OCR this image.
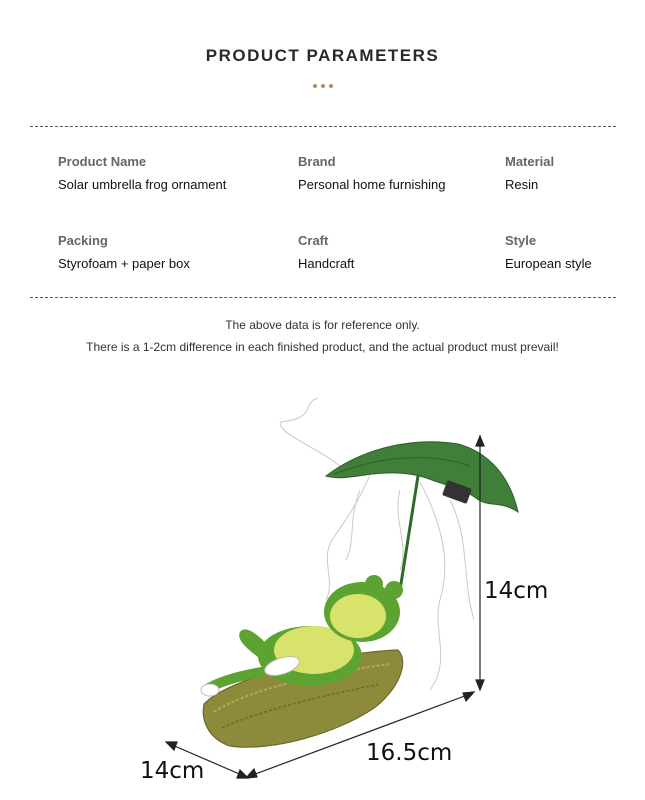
PRODUCT PARAMETERS
Product Name
Solar umbrella frog ornament
Brand
Personal home furnishing
Material
Resin
Packing
Styrofoam + paper box
Craft
Handcraft
Style
European style
The above data is for reference only.
There is a 1-2cm difference in each finished product, and the actual product must prevail!
14cm
16.5cm
14cm
